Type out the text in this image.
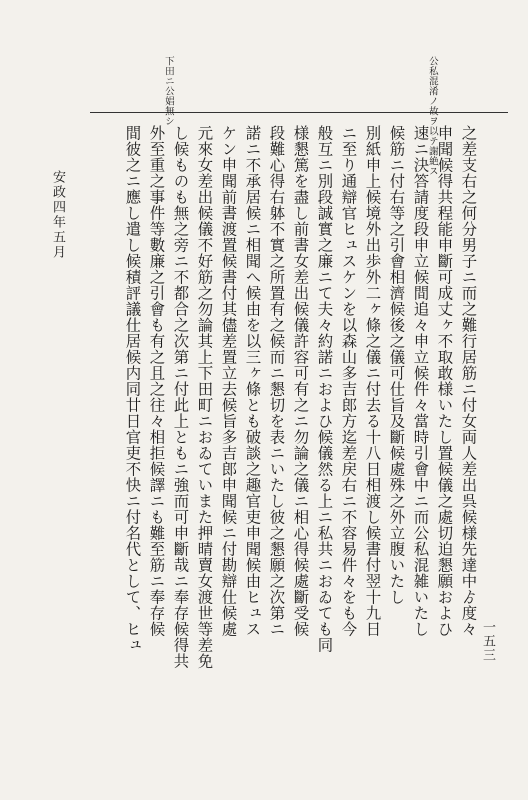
公私混淆ノ故ヲ以テ謝絶ス
下田ニ公娼無シ
之差支右之何分男子ニ而之難行居筋ニ付女両人差出呉候様先達中ゟ度々
申聞候得共程能申斷可成丈ヶ不取敢様いたし置候儀之處切迫懇願およひ
速ニ決答請度段申立候間追々申立候件々當時引會中ニ而公私混雑いたし
候筋ニ付右等之引會相濟候後之儀可仕旨及斷候處殊之外立腹いたし
別紙申上候境外出歩外二ヶ條之儀ニ付去る十八日相渡し候書付翌十九日
ニ至り通辯官ヒュスケンを以森山多吉郎方迄差戻右ニ不容易件々をも今
般互ニ別段誠實之廉ニて夫々約諾ニおよひ候儀然る上ニ私共ニおゐても同
様懇篤を盡し前書女差出候儀許容可有之ニ勿論之儀ニ相心得候處斷受候
段難心得右躰不實之所置有之候而ニ懇切を表ニいたし彼之懇願之次第ニ
諾ニ不承居候ニ相聞へ候由を以三ヶ條とも破談之趣官吏申聞候由ヒュス
ケン申聞前書渡置候書付其儘差置立去候旨多吉郎申聞候ニ付勘辯仕候處
元來女差出候儀不好筋之勿論其上下田町ニおゐていまた押晴賣女渡世等差免
し候ものも無之旁ニ不都合之次第ニ付此上ともニ強而可申斷哉ニ奉存候得共
外至重之事件等數廉之引會も有之且之往々相拒候譯ニも難至筋ニ奉存候
間彼之ニ應し遣し候積評議仕居候内同廿日官吏不快ニ付名代として、ヒュ
安政四年五月
一五三
